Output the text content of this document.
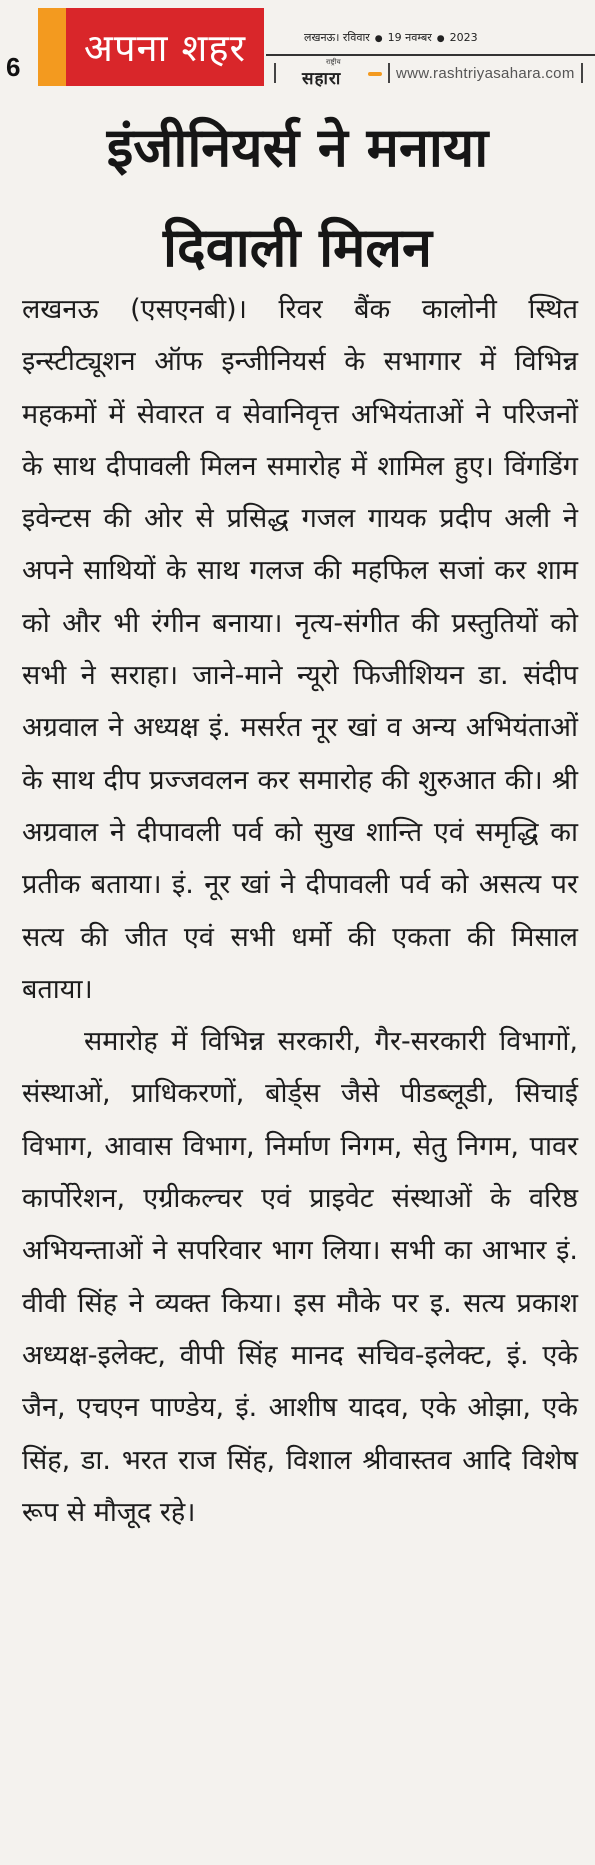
6	अपना शहर	लखनऊ। रविवार ● 19 नवम्बर ● 2023
राष्ट्रीय
सहारा	www.rashtriyasahara.com
इंजीनियर्स ने मनाया
दिवाली मिलन

लखनऊ (एसएनबी)। रिवर बैंक कालोनी स्थित इन्स्टीट्यूशन ऑफ इन्जीनियर्स के सभागार में विभिन्न महकमों में सेवारत व सेवानिवृत्त अभियंताओं ने परिजनों के साथ दीपावली मिलन समारोह में शामिल हुए। विंगडिंग इवेन्टस की ओर से प्रसिद्ध गजल गायक प्रदीप अली ने अपने साथियों के साथ गलज की महफिल सजां कर शाम को और भी रंगीन बनाया। नृत्य-संगीत की प्रस्तुतियों को सभी ने सराहा। जाने-माने न्यूरो फिजीशियन डा. संदीप अग्रवाल ने अध्यक्ष इं. मसर्रत नूर खां व अन्य अभियंताओं के साथ दीप प्रज्जवलन कर समारोह की शुरुआत की। श्री अग्रवाल ने दीपावली पर्व को सुख शान्ति एवं समृद्धि का प्रतीक बताया। इं. नूर खां ने दीपावली पर्व को असत्य पर सत्य की जीत एवं सभी धर्मो की एकता की मिसाल बताया।

समारोह में विभिन्न सरकारी, गैर-सरकारी विभागों, संस्थाओं, प्राधिकरणों, बोर्ड्स जैसे पीडब्लूडी, सिचाई विभाग, आवास विभाग, निर्माण निगम, सेतु निगम, पावर कार्पोरेशन, एग्रीकल्चर एवं प्राइवेट संस्थाओं के वरिष्ठ अभियन्ताओं ने सपरिवार भाग लिया। सभी का आभार इं. वीवी सिंह ने व्यक्त किया। इस मौके पर इ. सत्य प्रकाश अध्यक्ष-इलेक्ट, वीपी सिंह मानद सचिव-इलेक्ट, इं. एके जैन, एचएन पाण्डेय, इं. आशीष यादव, एके ओझा, एके सिंह, डा. भरत राज सिंह, विशाल श्रीवास्तव आदि विशेष रूप से मौजूद रहे।
